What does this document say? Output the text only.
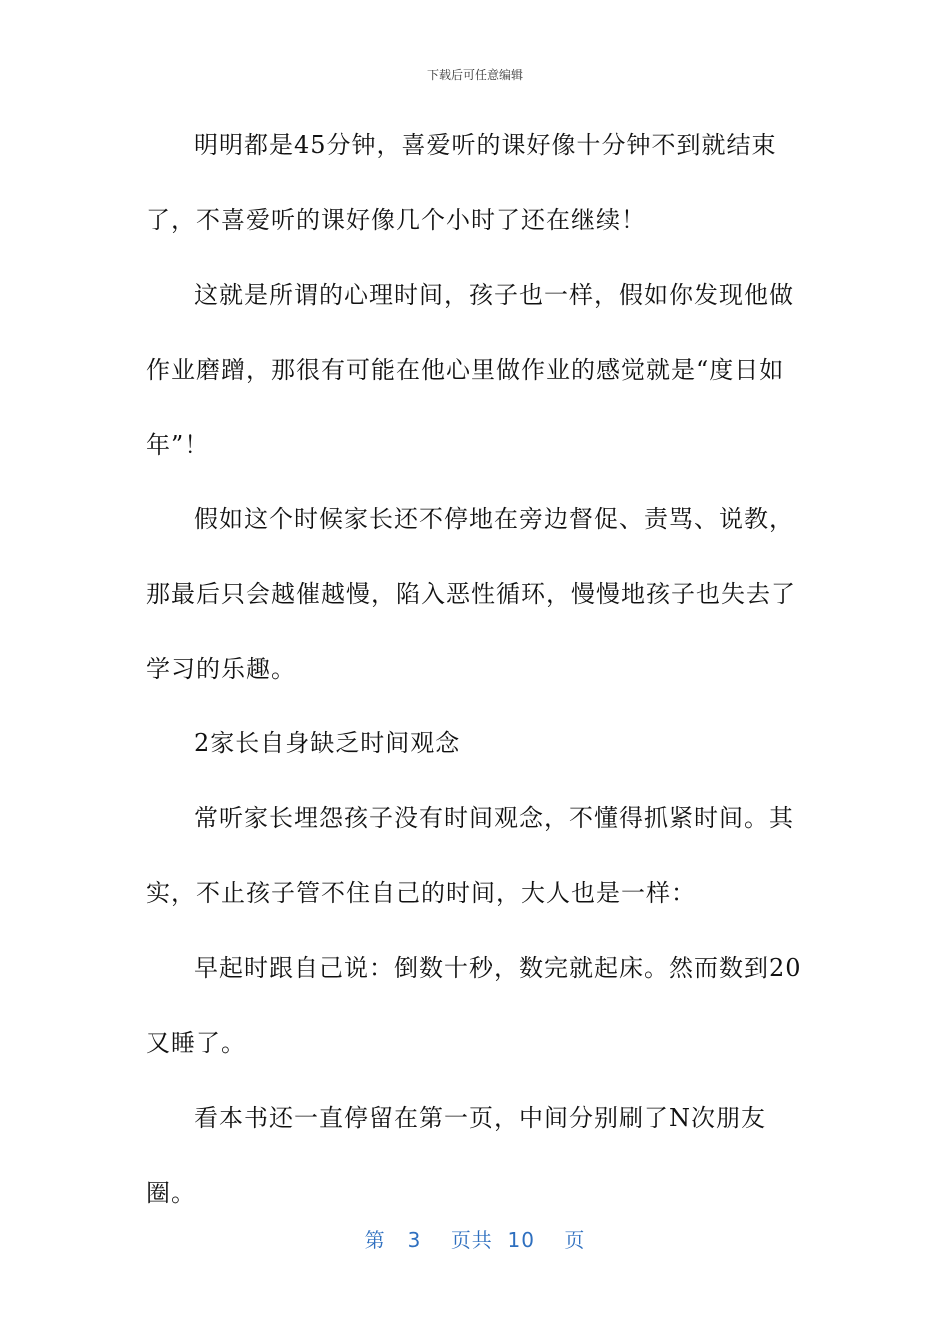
下载后可任意编辑
明明都是45分钟，喜爱听的课好像十分钟不到就结束了，不喜爱听的课好像几个小时了还在继续！
这就是所谓的心理时间，孩子也一样，假如你发现他做作业磨蹭，那很有可能在他心里做作业的感觉就是“度日如年”！
假如这个时候家长还不停地在旁边督促、责骂、说教，那最后只会越催越慢，陷入恶性循环，慢慢地孩子也失去了学习的乐趣。
2家长自身缺乏时间观念
常听家长埋怨孩子没有时间观念，不懂得抓紧时间。其实，不止孩子管不住自己的时间，大人也是一样：
早起时跟自己说：倒数十秒，数完就起床。然而数到20又睡了。
看本书还一直停留在第一页，中间分别刷了N次朋友圈。
第 3 页共 10 页
